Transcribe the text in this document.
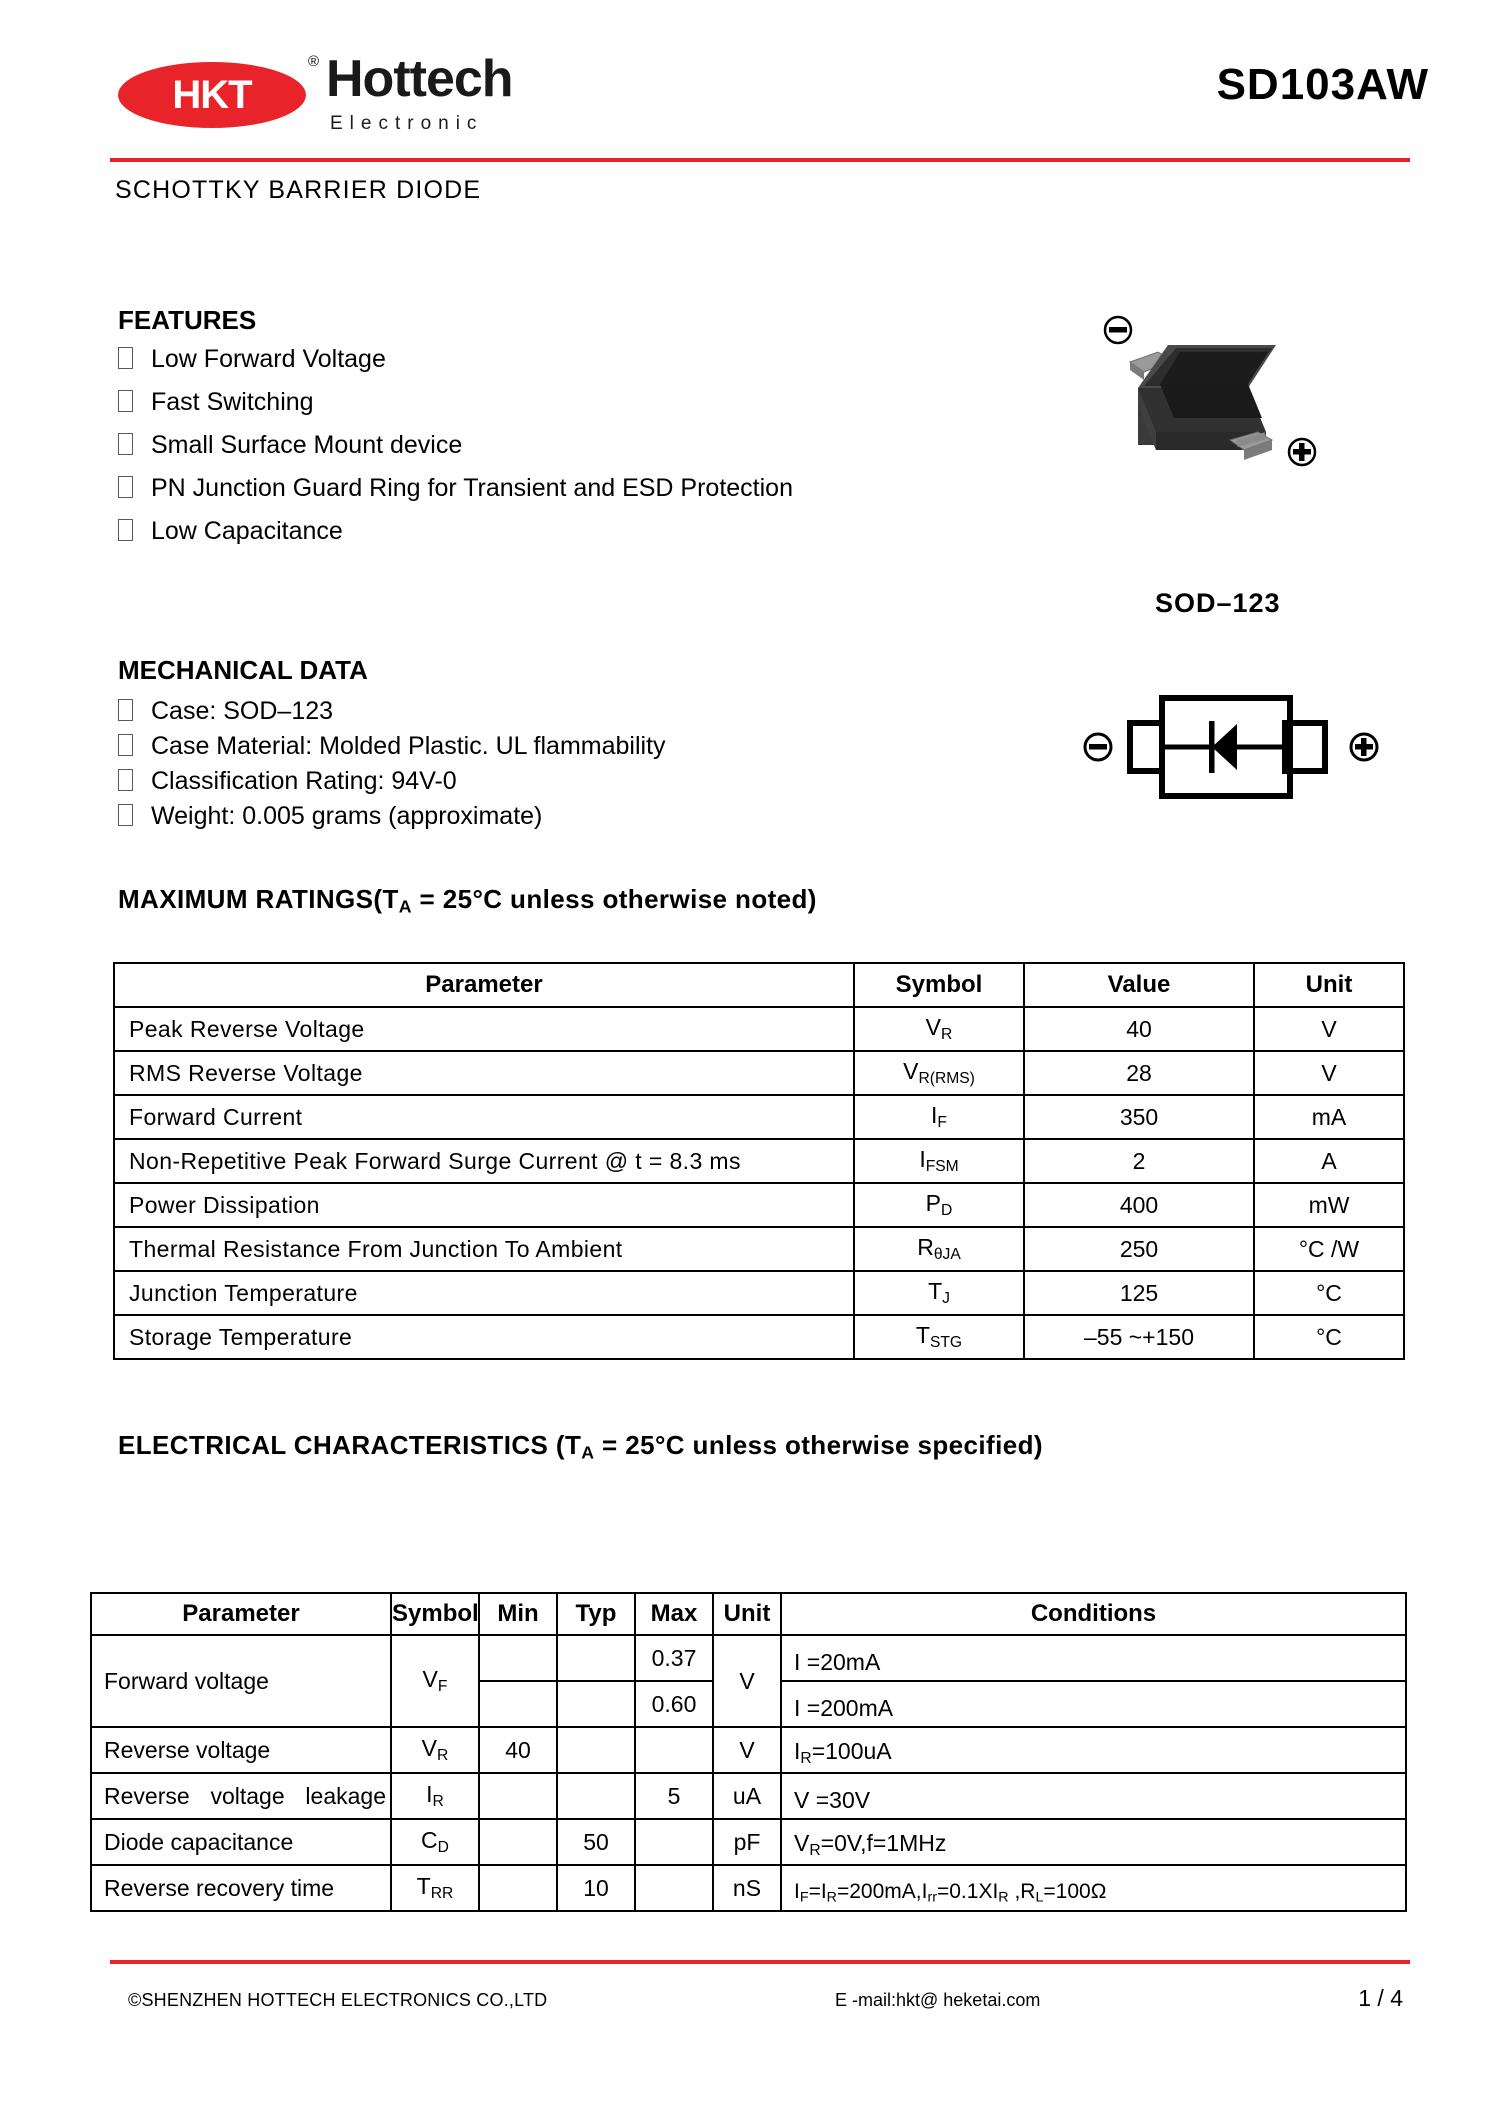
HKT
® Hottech
Electronic
SD103AW
SCHOTTKY BARRIER DIODE
FEATURES
Low Forward Voltage
Fast Switching
Small Surface Mount device
PN Junction Guard Ring for Transient and ESD Protection
Low Capacitance
SOD–123
MECHANICAL DATA
Case: SOD–123
Case Material: Molded Plastic. UL flammability
Classification Rating: 94V-0
Weight: 0.005 grams (approximate)
MAXIMUM $RATINGS(T_A = 25^\circ C$ unless otherwise noted)
Parameter	Symbol	Value	Unit
Peak Reverse Voltage	$V_R$	40	V
RMS Reverse Voltage	$V_{R(RMS)}$	28	V
Forward Current	$I_F$	350	mA
Non-Repetitive Peak Forward Surge Current @ t = 8.3 ms	$I_{FSM}$	2	A
Power Dissipation	$P_D$	400	mW
Thermal Resistance From Junction To Ambient	$R_{\theta JA}$	250	°C /W
Junction Temperature	$T_J$	125	°C
Storage Temperature	$T_{STG}$	–55 ~+150	°C
ELECTRICAL CHARACTERISTICS ($T_A = 25^\circ C$ unless otherwise specified)
Parameter	Symbol	Min	Typ	Max	Unit	Conditions
Forward voltage	$V_F$			0.37	V	I =20mA
				0.60		I =200mA
Reverse voltage	$V_R$	40			V	$I_R=100uA$

Reverse voltage leakage	$I_R$			5	uA	V =30V
Diode capacitance	$C_D$		50		pF	$V_R=0V,f=1MHz$
Reverse recovery time	$T_{RR}$		10		nS	$I_F=I_R=200mA,I_{rr}=0.1XI_R$ $,R_L=100\Omega$
©SHENZHEN HOTTECH ELECTRONICS CO.,LTD	E -mail:hkt@ heketai.com	1 / 4
